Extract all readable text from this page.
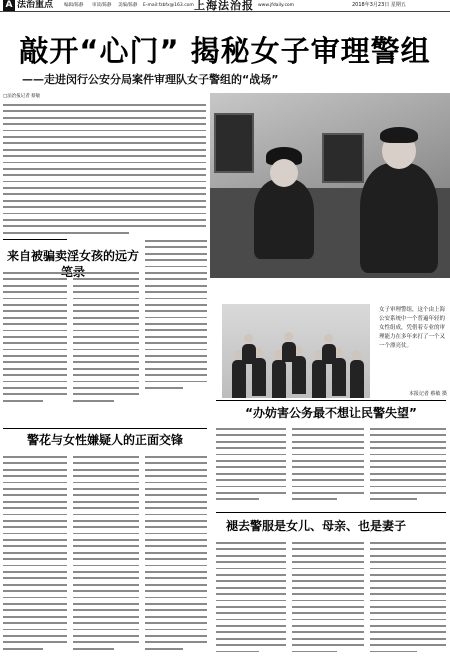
A 法治重点 编辑/陈静 审读/陈静 美编/陈静 E-mail:fzbfx@163.com 上海法治报 www.jfdaily.com	2018年3月23日 星期五
敲开“心门” 揭秘女子审理警组
——走进闵行公安分局案件审理队女子警组的“战场”
□法治报记者 蔡敏
来自被骗卖淫女孩的远方
女子审理警组，这个由上海公安系统中一个普遍年轻的女性组成，凭借着专业的审理能力在多年来打了一个又一个漂亮仗。
本报记者 蔡敏 摄
“办妨害公务最不想让民警失望”
警花与女性嫌疑人的正面交锋
褪去警服是女儿、母亲、也是妻子
